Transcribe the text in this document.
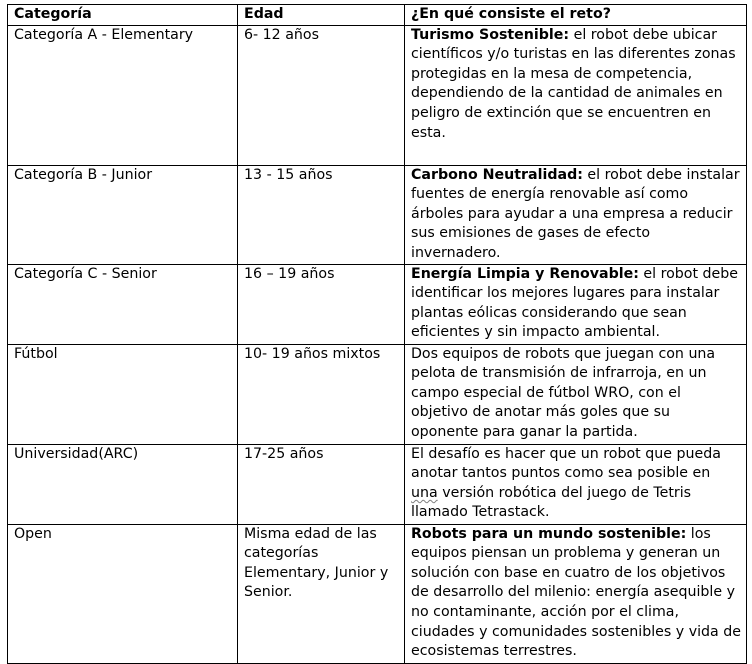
Categoría	Edad	¿En qué consiste el reto?
Categoría A - Elementary	6- 12 años	Turismo Sostenible: el robot debe ubicar científicos y/o turistas en las diferentes zonas protegidas en la mesa de competencia, dependiendo de la cantidad de animales en peligro de extinción que se encuentren en esta.
Categoría B - Junior	13 - 15 años	Carbono Neutralidad: el robot debe instalar fuentes de energía renovable así como árboles para ayudar a una empresa a reducir sus emisiones de gases de efecto invernadero.
Categoría C - Senior	16 – 19 años	Energía Limpia y Renovable: el robot debe identificar los mejores lugares para instalar plantas eólicas considerando que sean eficientes y sin impacto ambiental.
Fútbol	10- 19 años mixtos	Dos equipos de robots que juegan con una pelota de transmisión de infrarroja, en un campo especial de fútbol WRO, con el objetivo de anotar más goles que su oponente para ganar la partida.
Universidad(ARC)	17-25 años	El desafío es hacer que un robot que pueda anotar tantos puntos como sea posible en una versión robótica del juego de Tetris llamado Tetrastack.
Open	Misma edad de las categorías Elementary, Junior y Senior.	Robots para un mundo sostenible: los equipos piensan un problema y generan un solución con base en cuatro de los objetivos de desarrollo del milenio: energía asequible y no contaminante, acción por el clima, ciudades y comunidades sostenibles y vida de ecosistemas terrestres.
